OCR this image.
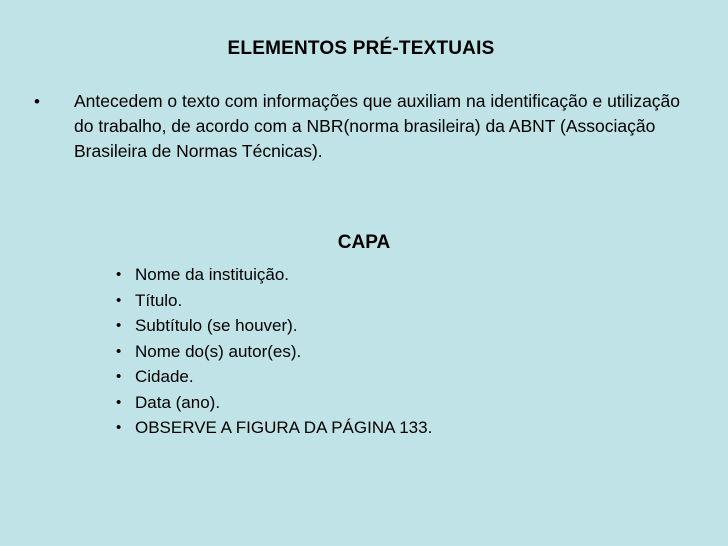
ELEMENTOS PRÉ-TEXTUAIS
• Antecedem o texto com informações que auxiliam na identificação e utilização do trabalho, de acordo com a NBR(norma brasileira) da ABNT (Associação Brasileira de Normas Técnicas).
CAPA
• Nome da instituição.
• Título.
• Subtítulo (se houver).
• Nome do(s) autor(es).
• Cidade.
• Data (ano).
• OBSERVE A FIGURA DA PÁGINA 133.
